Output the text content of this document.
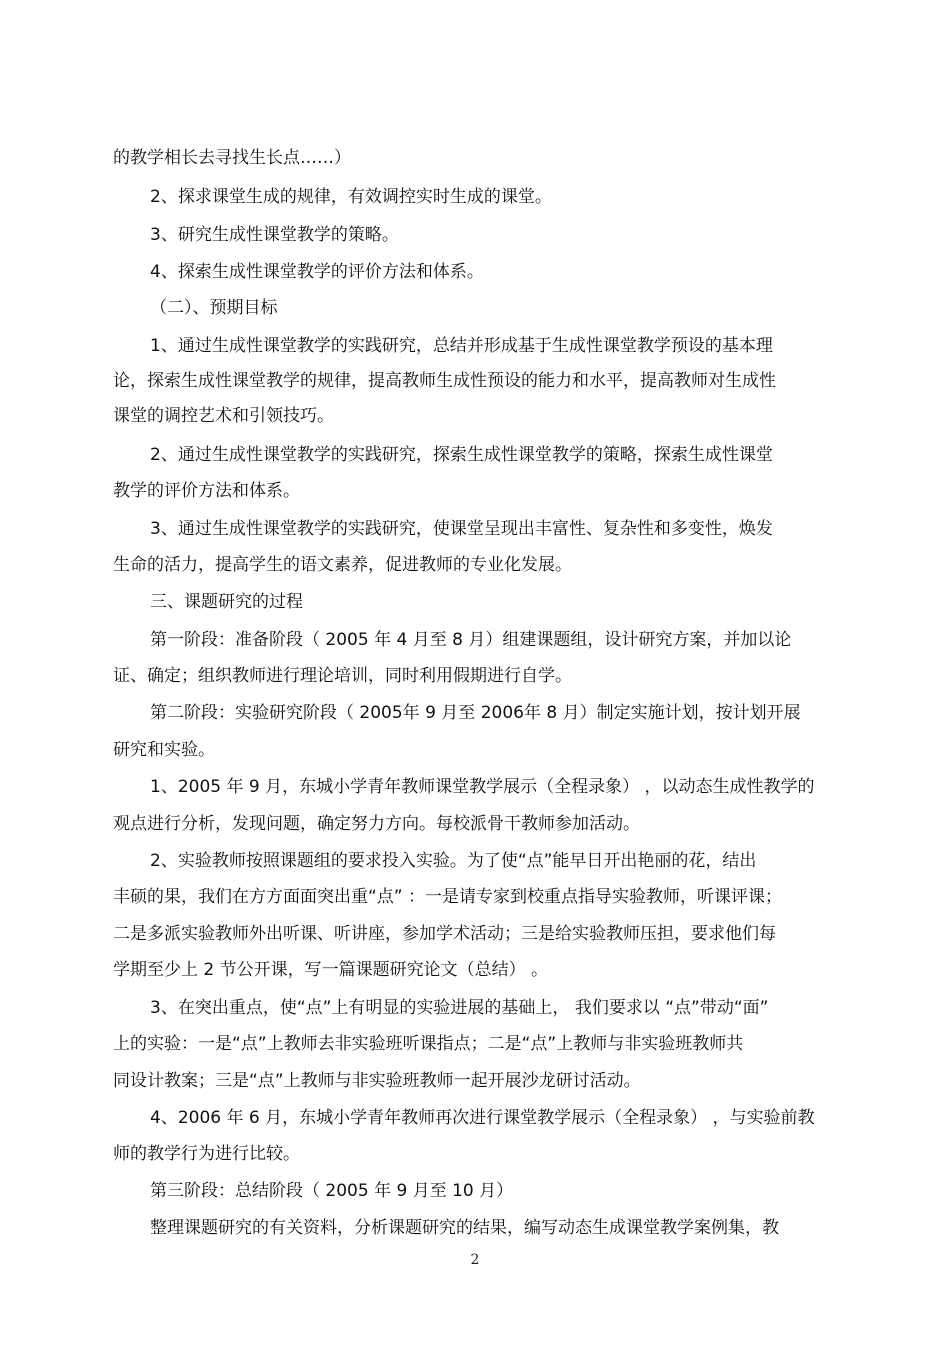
的教学相长去寻找生长点……）
2、探求课堂生成的规律，有效调控实时生成的课堂。
3、研究生成性课堂教学的策略。
4、探索生成性课堂教学的评价方法和体系。
（二）、预期目标
1、通过生成性课堂教学的实践研究，总结并形成基于生成性课堂教学预设的基本理
论，探索生成性课堂教学的规律，提高教师生成性预设的能力和水平，提高教师对生成性
课堂的调控艺术和引领技巧。
2、通过生成性课堂教学的实践研究，探索生成性课堂教学的策略，探索生成性课堂
教学的评价方法和体系。
3、通过生成性课堂教学的实践研究，使课堂呈现出丰富性、复杂性和多变性，焕发
生命的活力，提高学生的语文素养，促进教师的专业化发展。
三、课题研究的过程
第一阶段：准备阶段（ 2005 年 4 月至 8 月）组建课题组，设计研究方案，并加以论
证、确定；组织教师进行理论培训，同时利用假期进行自学。
第二阶段：实验研究阶段（ 2005年 9 月至 2006年 8 月）制定实施计划，按计划开展
研究和实验。
1、2005 年 9 月，东城小学青年教师课堂教学展示（全程录象） ，以动态生成性教学的
观点进行分析，发现问题，确定努力方向。每校派骨干教师参加活动。
2、实验教师按照课题组的要求投入实验。为了使“点”能早日开出艳丽的花，结出
丰硕的果，我们在方方面面突出重“点” ：一是请专家到校重点指导实验教师，听课评课；
二是多派实验教师外出听课、听讲座，参加学术活动；三是给实验教师压担，要求他们每
学期至少上 2 节公开课，写一篇课题研究论文（总结） 。
3、在突出重点，使“点”上有明显的实验进展的基础上， 我们要求以 “点”带动“面”
上的实验：一是“点”上教师去非实验班听课指点；二是“点”上教师与非实验班教师共
同设计教案；三是“点”上教师与非实验班教师一起开展沙龙研讨活动。
4、2006 年 6 月，东城小学青年教师再次进行课堂教学展示（全程录象） ，与实验前教
师的教学行为进行比较。
第三阶段：总结阶段（ 2005 年 9 月至 10 月）
整理课题研究的有关资料，分析课题研究的结果，编写动态生成课堂教学案例集，教
2
